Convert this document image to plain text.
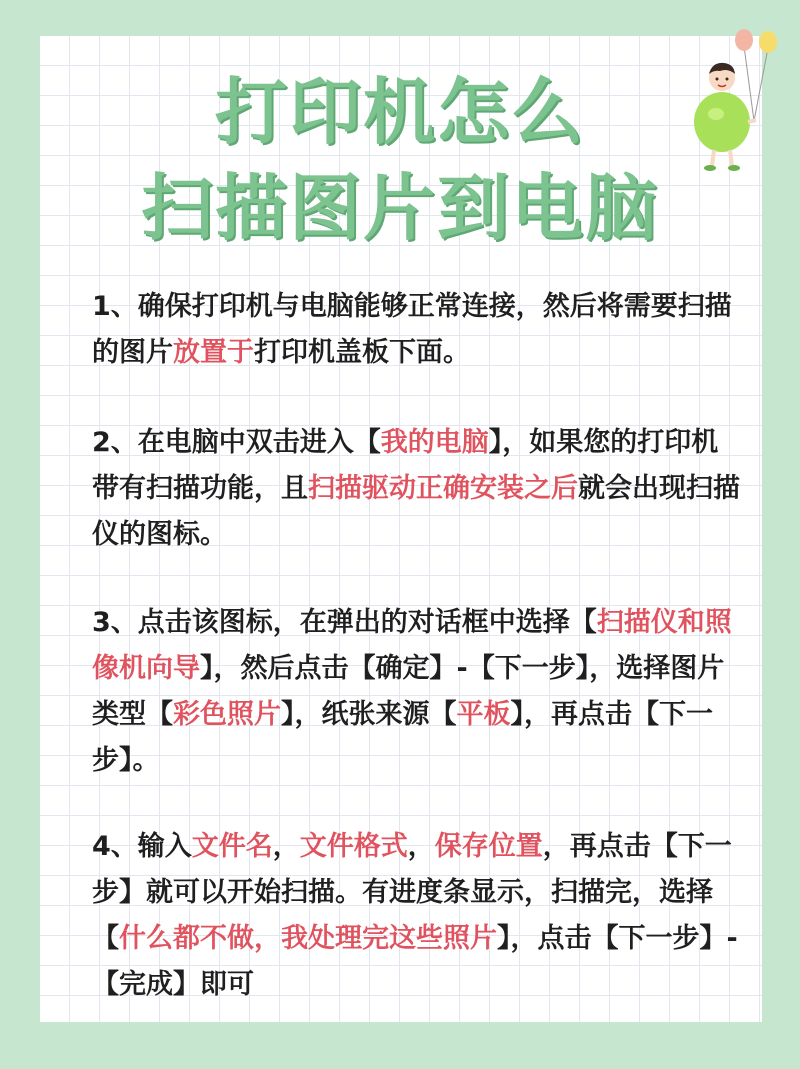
打印机怎么
扫描图片到电脑

1、确保打印机与电脑能够正常连接，然后将需要扫描的图片放置于打印机盖板下面。

2、在电脑中双击进入【我的电脑】，如果您的打印机带有扫描功能，且扫描驱动正确安装之后就会出现扫描仪的图标。

3、点击该图标，在弹出的对话框中选择【扫描仪和照像机向导】，然后点击【确定】-【下一步】，选择图片类型【彩色照片】，纸张来源【平板】，再点击【下一步】。

4、输入文件名，文件格式，保存位置，再点击【下一步】就可以开始扫描。有进度条显示，扫描完，选择【什么都不做，我处理完这些照片】，点击【下一步】-【完成】即可
